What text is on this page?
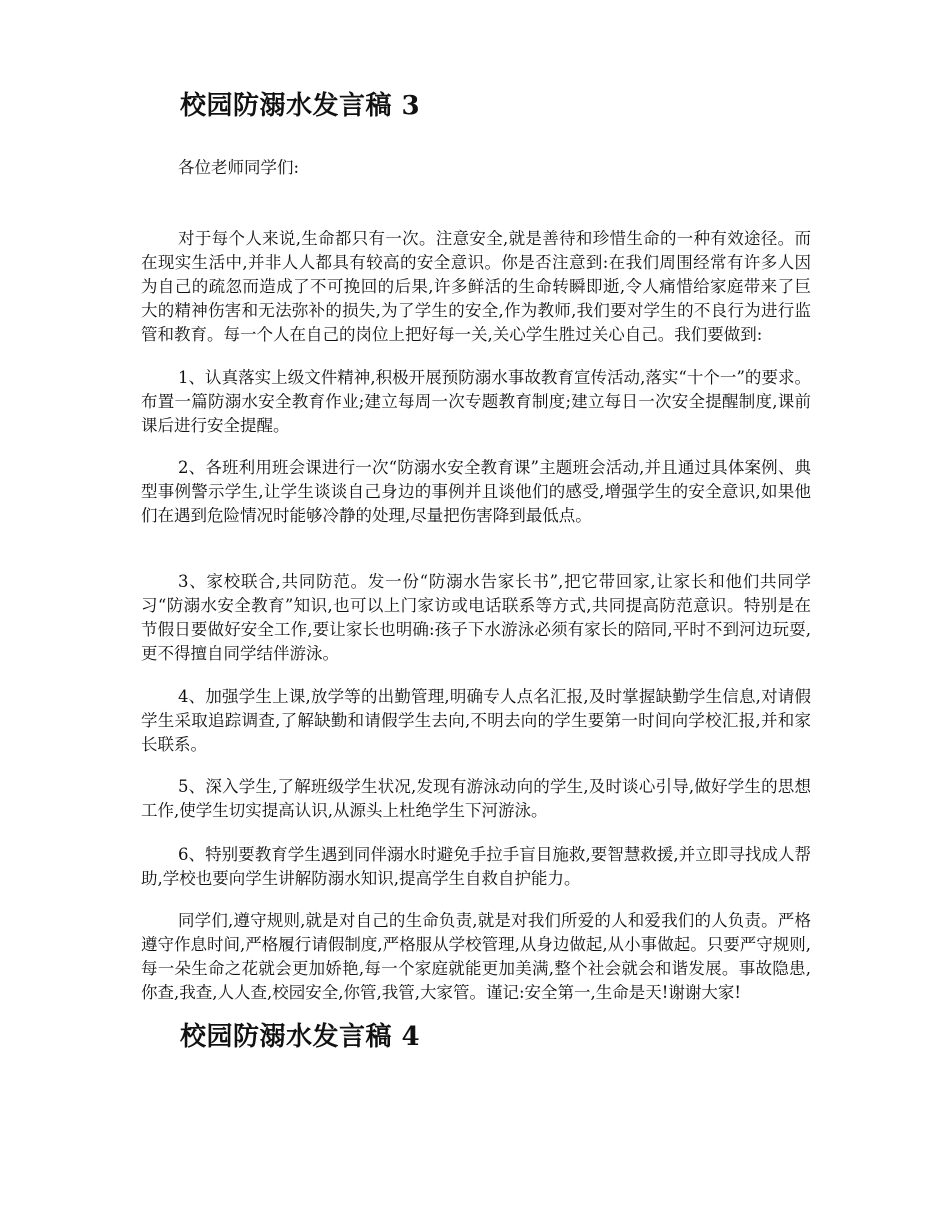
校园防溺水发言稿 3

各位老师同学们:

对于每个人来说,生命都只有一次。注意安全,就是善待和珍惜生命的一种有效途径。而在现实生活中,并非人人都具有较高的安全意识。你是否注意到:在我们周围经常有许多人因为自己的疏忽而造成了不可挽回的后果,许多鲜活的生命转瞬即逝,令人痛惜给家庭带来了巨大的精神伤害和无法弥补的损失,为了学生的安全,作为教师,我们要对学生的不良行为进行监管和教育。每一个人在自己的岗位上把好每一关,关心学生胜过关心自己。我们要做到:

1、认真落实上级文件精神,积极开展预防溺水事故教育宣传活动,落实“十个一”的要求。布置一篇防溺水安全教育作业;建立每周一次专题教育制度;建立每日一次安全提醒制度,课前课后进行安全提醒。

2、各班利用班会课进行一次“防溺水安全教育课”主题班会活动,并且通过具体案例、典型事例警示学生,让学生谈谈自己身边的事例并且谈他们的感受,增强学生的安全意识,如果他们在遇到危险情况时能够冷静的处理,尽量把伤害降到最低点。

3、家校联合,共同防范。发一份“防溺水告家长书”,把它带回家,让家长和他们共同学习“防溺水安全教育”知识,也可以上门家访或电话联系等方式,共同提高防范意识。特别是在节假日要做好安全工作,要让家长也明确:孩子下水游泳必须有家长的陪同,平时不到河边玩耍,更不得擅自同学结伴游泳。

4、加强学生上课,放学等的出勤管理,明确专人点名汇报,及时掌握缺勤学生信息,对请假学生采取追踪调查,了解缺勤和请假学生去向,不明去向的学生要第一时间向学校汇报,并和家长联系。

5、深入学生,了解班级学生状况,发现有游泳动向的学生,及时谈心引导,做好学生的思想工作,使学生切实提高认识,从源头上杜绝学生下河游泳。

6、特别要教育学生遇到同伴溺水时避免手拉手盲目施救,要智慧救援,并立即寻找成人帮助,学校也要向学生讲解防溺水知识,提高学生自救自护能力。

同学们,遵守规则,就是对自己的生命负责,就是对我们所爱的人和爱我们的人负责。严格遵守作息时间,严格履行请假制度,严格服从学校管理,从身边做起,从小事做起。只要严守规则,每一朵生命之花就会更加娇艳,每一个家庭就能更加美满,整个社会就会和谐发展。事故隐患,你查,我查,人人查,校园安全,你管,我管,大家管。谨记:安全第一,生命是天!谢谢大家!

校园防溺水发言稿 4
